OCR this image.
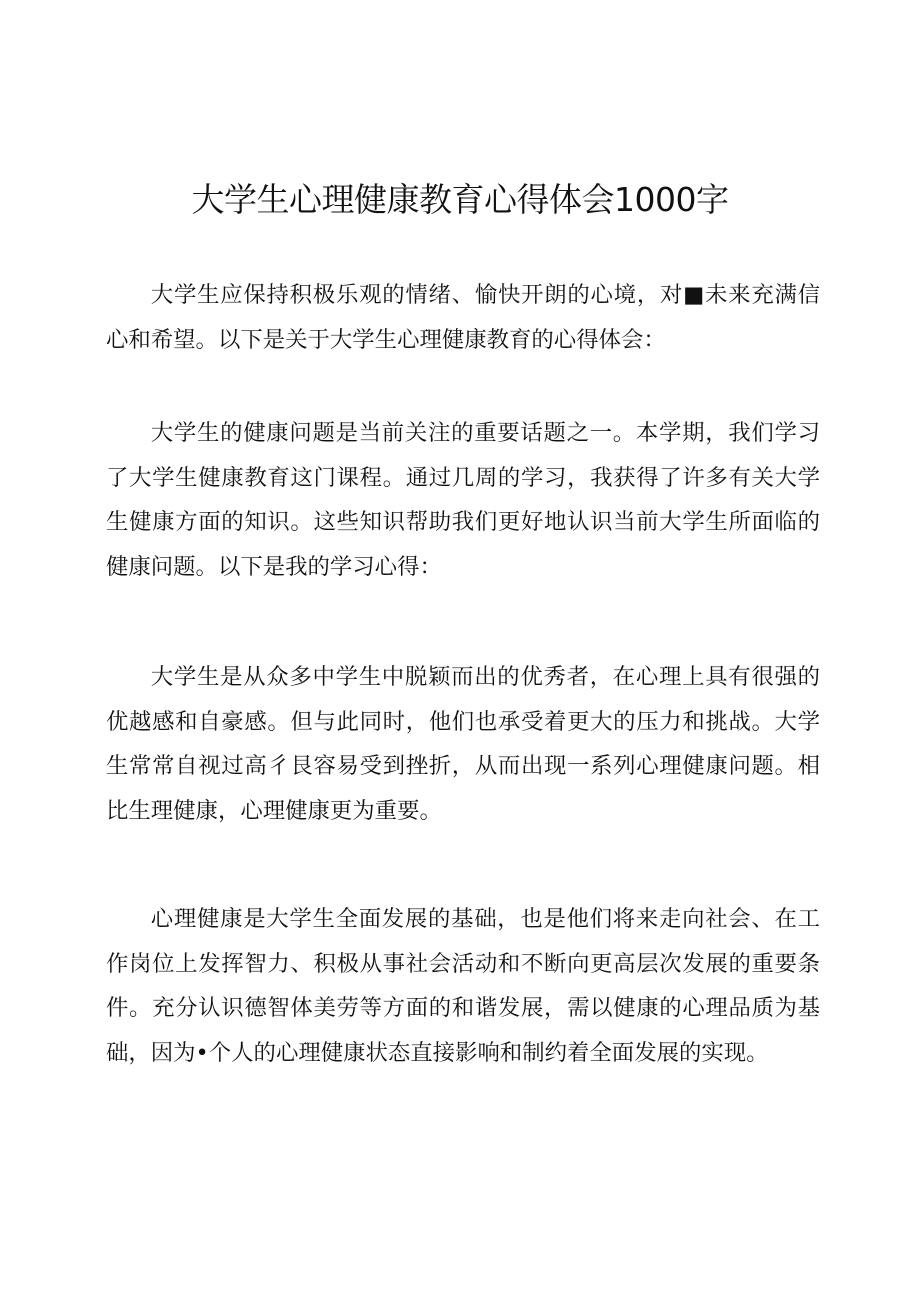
大学生心理健康教育心得体会1000字

大学生应保持积极乐观的情绪、愉快开朗的心境，对■未来充满信心和希望。以下是关于大学生心理健康教育的心得体会：

大学生的健康问题是当前关注的重要话题之一。本学期，我们学习了大学生健康教育这门课程。通过几周的学习，我获得了许多有关大学生健康方面的知识。这些知识帮助我们更好地认识当前大学生所面临的健康问题。以下是我的学习心得：

大学生是从众多中学生中脱颖而出的优秀者，在心理上具有很强的优越感和自豪感。但与此同时，他们也承受着更大的压力和挑战。大学生常常自视过高彳艮容易受到挫折，从而出现一系列心理健康问题。相比生理健康，心理健康更为重要。

心理健康是大学生全面发展的基础，也是他们将来走向社会、在工作岗位上发挥智力、积极从事社会活动和不断向更高层次发展的重要条件。充分认识德智体美劳等方面的和谐发展，需以健康的心理品质为基础，因为•个人的心理健康状态直接影响和制约着全面发展的实现。
